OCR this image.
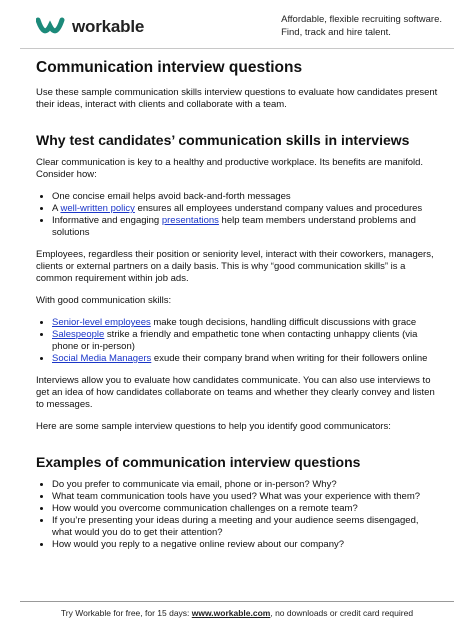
workable	Affordable, flexible recruiting software.
Find, track and hire talent.
Communication interview questions

Use these sample communication skills interview questions to evaluate how candidates present their ideas, interact with clients and collaborate with a team.

Why test candidates’ communication skills in interviews

Clear communication is key to a healthy and productive workplace. Its benefits are manifold. Consider how:

• One concise email helps avoid back-and-forth messages
• A well-written policy ensures all employees understand company values and procedures
• Informative and engaging presentations help team members understand problems and solutions

Employees, regardless their position or seniority level, interact with their coworkers, managers, clients or external partners on a daily basis. This is why “good communication skills” is a common requirement within job ads.

With good communication skills:

• Senior-level employees make tough decisions, handling difficult discussions with grace
• Salespeople strike a friendly and empathetic tone when contacting unhappy clients (via phone or in-person)
• Social Media Managers exude their company brand when writing for their followers online

Interviews allow you to evaluate how candidates communicate. You can also use interviews to get an idea of how candidates collaborate on teams and whether they clearly convey and listen to messages.

Here are some sample interview questions to help you identify good communicators:

Examples of communication interview questions
• Do you prefer to communicate via email, phone or in-person? Why?
• What team communication tools have you used? What was your experience with them?
• How would you overcome communication challenges on a remote team?
• If you’re presenting your ideas during a meeting and your audience seems disengaged, what would you do to get their attention?
• How would you reply to a negative online review about our company?
Try Workable for free, for 15 days: www.workable.com, no downloads or credit card required
